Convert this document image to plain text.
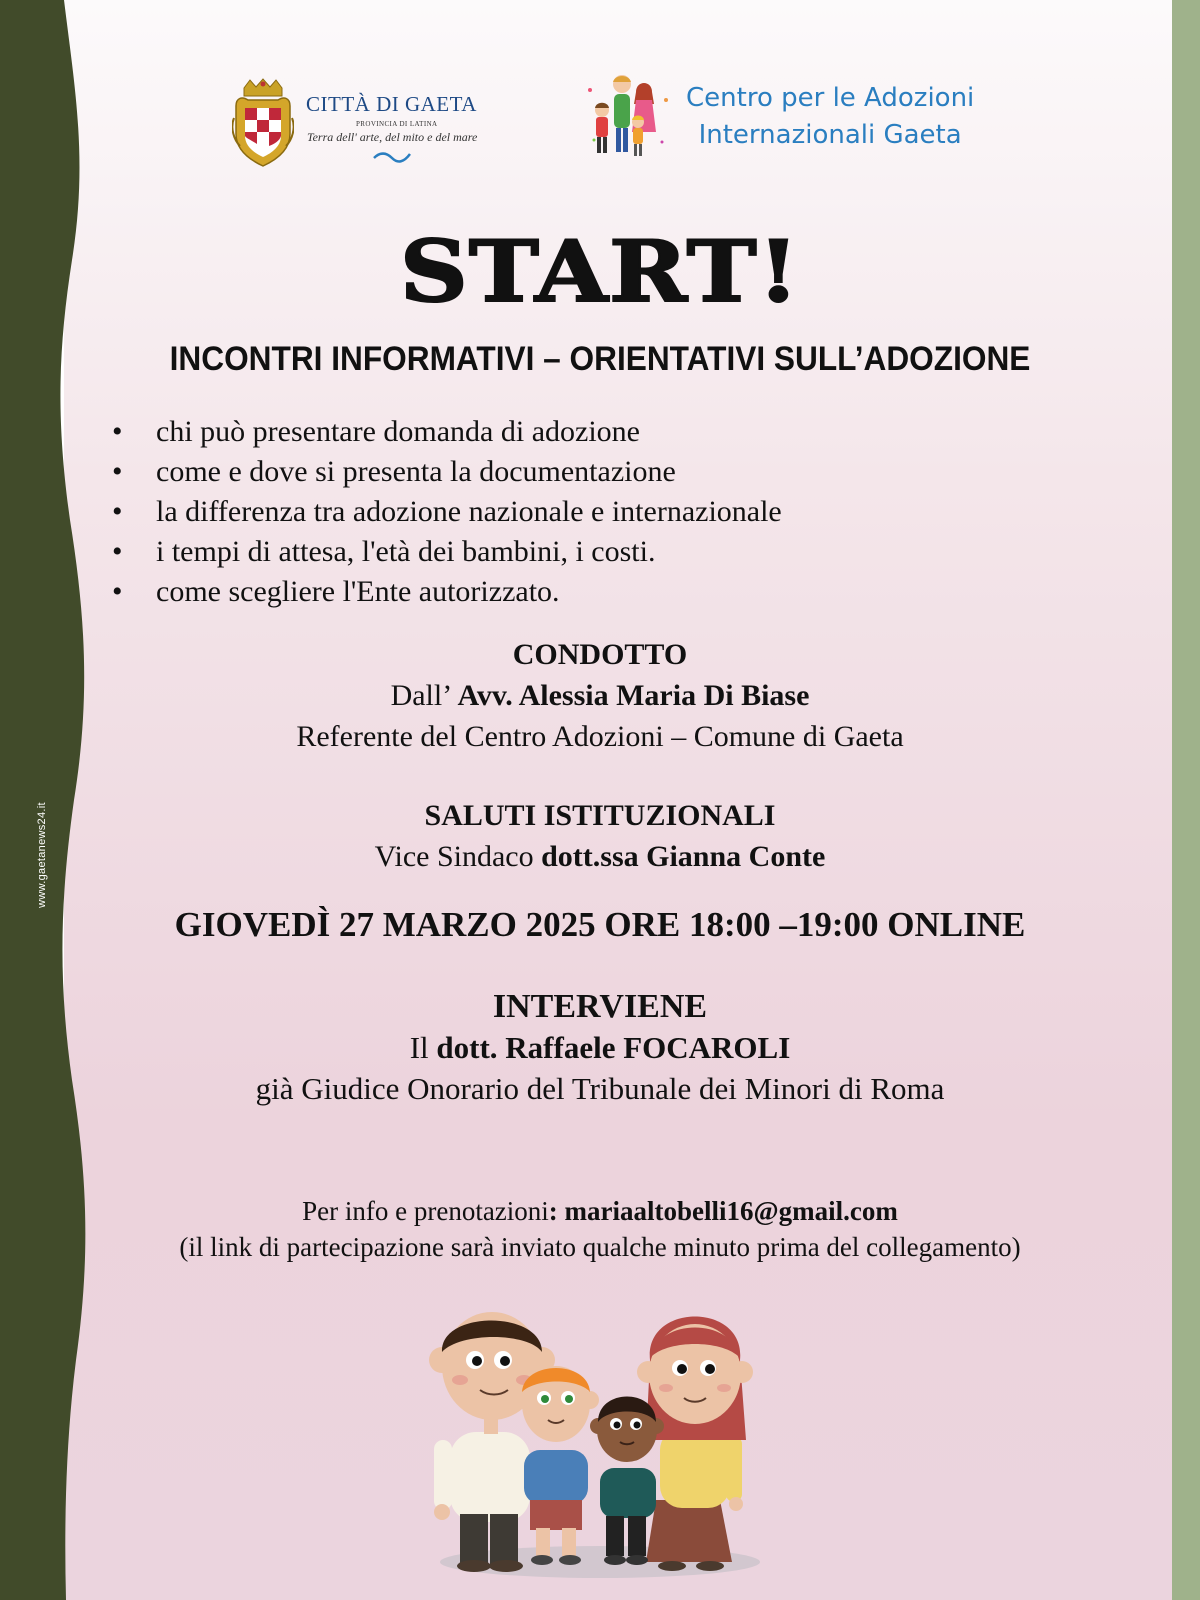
www.gaetanews24.it
CITTÀ DI GAETA
PROVINCIA DI LATINA
Terra dell' arte, del mito e del mare
Centro per le Adozioni
Internazionali Gaeta
START!
INCONTRI INFORMATIVI – ORIENTATIVI SULL’ADOZIONE
• chi può presentare domanda di adozione
• come e dove si presenta la documentazione
• la differenza tra adozione nazionale e internazionale
• i tempi di attesa, l'età dei bambini, i costi.
• come scegliere l'Ente autorizzato.
CONDOTTO
Dall’ Avv. Alessia Maria Di Biase
Referente del Centro Adozioni – Comune di Gaeta
SALUTI ISTITUZIONALI
Vice Sindaco dott.ssa Gianna Conte
GIOVEDÌ 27 MARZO 2025 ORE 18:00 –19:00 ONLINE
INTERVIENE
Il dott. Raffaele FOCAROLI
già Giudice Onorario del Tribunale dei Minori di Roma
Per info e prenotazioni: mariaaltobelli16@gmail.com
(il link di partecipazione sarà inviato qualche minuto prima del collegamento)
